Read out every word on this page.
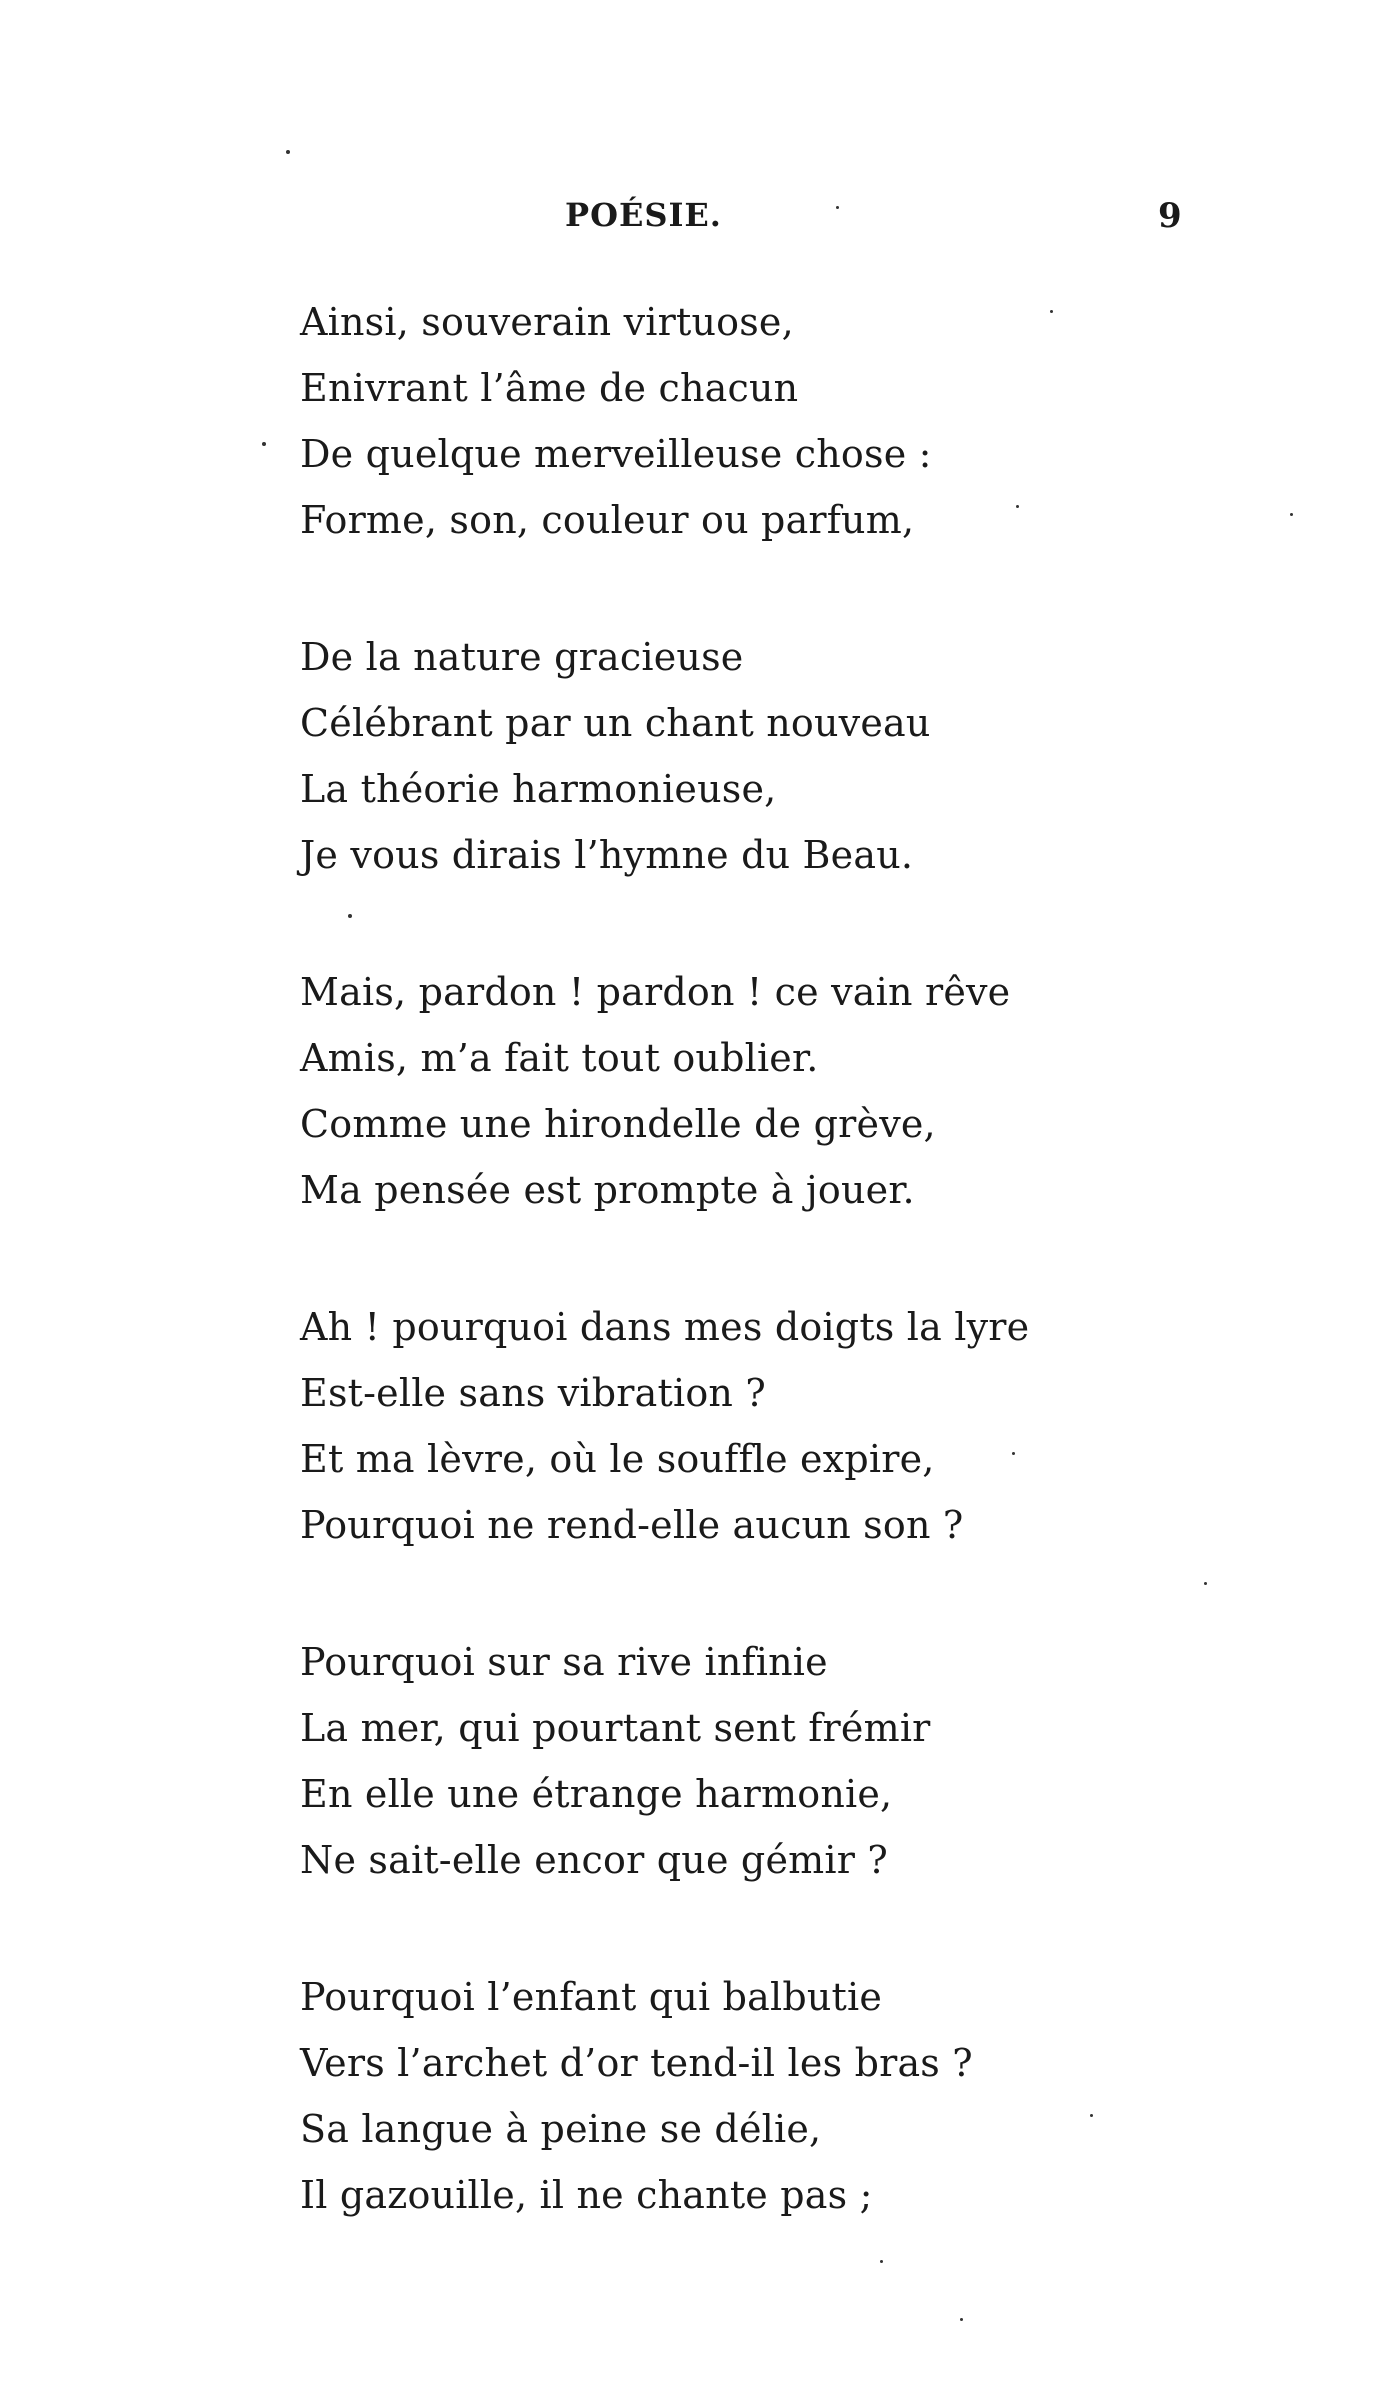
POÉSIE.	9
Ainsi, souverain virtuose,
Enivrant l’âme de chacun
De quelque merveilleuse chose :
Forme, son, couleur ou parfum,
De la nature gracieuse
Célébrant par un chant nouveau
La théorie harmonieuse,
Je vous dirais l’hymne du Beau.
Mais, pardon ! pardon ! ce vain rêve
Amis, m’a fait tout oublier.
Comme une hirondelle de grève,
Ma pensée est prompte à jouer.
Ah ! pourquoi dans mes doigts la lyre
Est-elle sans vibration ?
Et ma lèvre, où le souffle expire,
Pourquoi ne rend-elle aucun son ?
Pourquoi sur sa rive infinie
La mer, qui pourtant sent frémir
En elle une étrange harmonie,
Ne sait-elle encor que gémir ?
Pourquoi l’enfant qui balbutie
Vers l’archet d’or tend-il les bras ?
Sa langue à peine se délie,
Il gazouille, il ne chante pas ;
